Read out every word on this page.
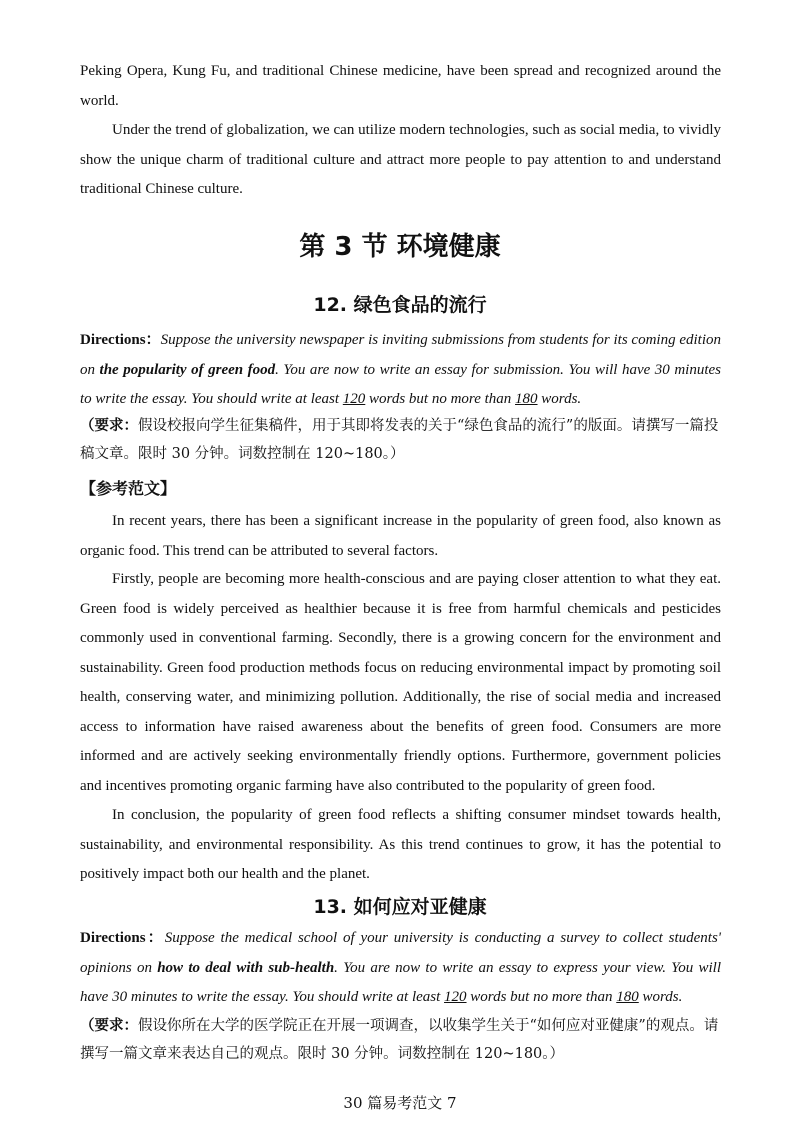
Peking Opera, Kung Fu, and traditional Chinese medicine, have been spread and recognized around the world.

Under the trend of globalization, we can utilize modern technologies, such as social media, to vividly show the unique charm of traditional culture and attract more people to pay attention to and understand traditional Chinese culture.

第 3 节 环境健康
12. 绿色食品的流行

Directions：Suppose the university newspaper is inviting submissions from students for its coming edition on the popularity of green food. You are now to write an essay for submission. You will have 30 minutes to write the essay. You should write at least 120 words but no more than 180 words.

（要求：假设校报向学生征集稿件，用于其即将发表的关于“绿色食品的流行”的版面。请撰写一篇投稿文章。限时 30 分钟。词数控制在 120~180。）

【参考范文】

In recent years, there has been a significant increase in the popularity of green food, also known as organic food. This trend can be attributed to several factors.

Firstly, people are becoming more health-conscious and are paying closer attention to what they eat. Green food is widely perceived as healthier because it is free from harmful chemicals and pesticides commonly used in conventional farming. Secondly, there is a growing concern for the environment and sustainability. Green food production methods focus on reducing environmental impact by promoting soil health, conserving water, and minimizing pollution. Additionally, the rise of social media and increased access to information have raised awareness about the benefits of green food. Consumers are more informed and are actively seeking environmentally friendly options. Furthermore, government policies and incentives promoting organic farming have also contributed to the popularity of green food.

In conclusion, the popularity of green food reflects a shifting consumer mindset towards health, sustainability, and environmental responsibility. As this trend continues to grow, it has the potential to positively impact both our health and the planet.

13. 如何应对亚健康

Directions：Suppose the medical school of your university is conducting a survey to collect students' opinions on how to deal with sub-health. You are now to write an essay to express your view. You will have 30 minutes to write the essay. You should write at least 120 words but no more than 180 words.

（要求：假设你所在大学的医学院正在开展一项调查，以收集学生关于“如何应对亚健康”的观点。请撰写一篇文章来表达自己的观点。限时 30 分钟。词数控制在 120~180。）

30 篇易考范文 7
